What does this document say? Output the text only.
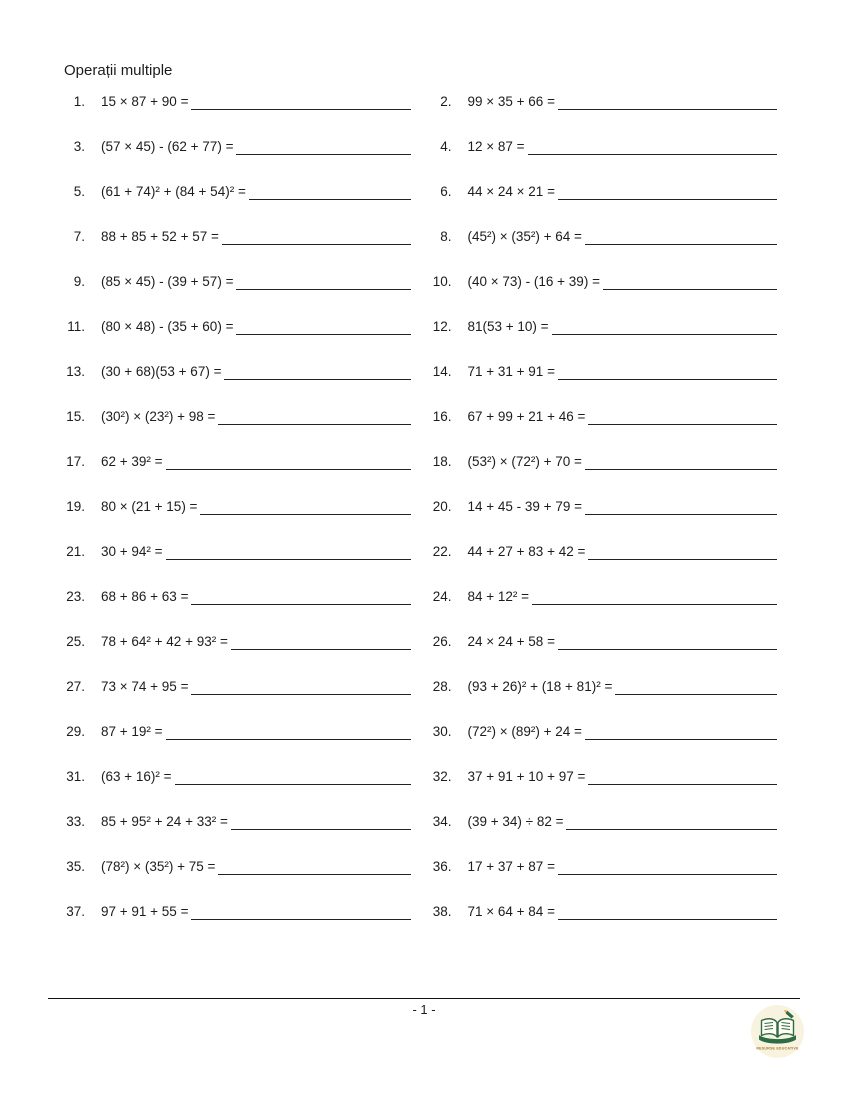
Operații multiple
1. 15 × 87 + 90 =	2. 99 × 35 + 66 =
3. (57 × 45) - (62 + 77) =	4. 12 × 87 =
5. (61 + 74)² + (84 + 54)² =	6. 44 × 24 × 21 =
7. 88 + 85 + 52 + 57 =	8. (45²) × (35²) + 64 =
9. (85 × 45) - (39 + 57) =	10. (40 × 73) - (16 + 39) =
11. (80 × 48) - (35 + 60) =	12. 81(53 + 10) =
13. (30 + 68)(53 + 67) =	14. 71 + 31 + 91 =
15. (30²) × (23²) + 98 =	16. 67 + 99 + 21 + 46 =
17. 62 + 39² =	18. (53²) × (72²) + 70 =
19. 80 × (21 + 15) =	20. 14 + 45 - 39 + 79 =
21. 30 + 94² =	22. 44 + 27 + 83 + 42 =
23. 68 + 86 + 63 =	24. 84 + 12² =
25. 78 + 64² + 42 + 93² =	26. 24 × 24 + 58 =
27. 73 × 74 + 95 =	28. (93 + 26)² + (18 + 81)² =
29. 87 + 19² =	30. (72²) × (89²) + 24 =
31. (63 + 16)² =	32. 37 + 91 + 10 + 97 =
33. 85 + 95² + 24 + 33² =	34. (39 + 34) ÷ 82 =
35. (78²) × (35²) + 75 =	36. 17 + 37 + 87 =
37. 97 + 91 + 55 =	38. 71 × 64 + 84 =
- 1 -
RESURSE EDUCATIVE
